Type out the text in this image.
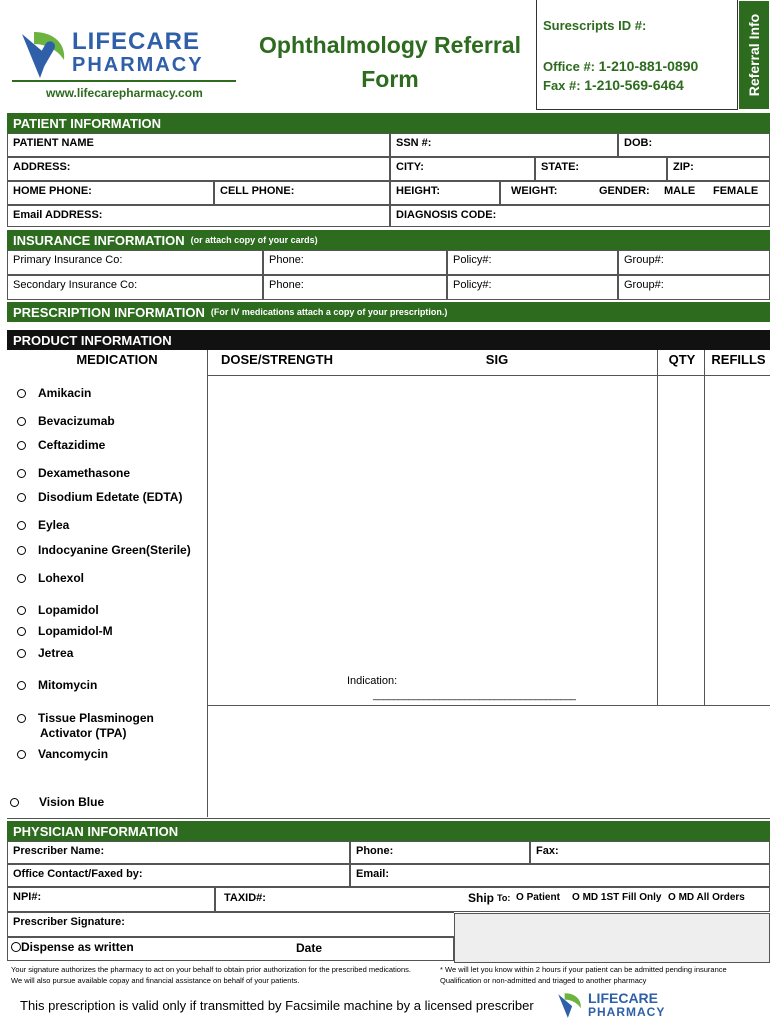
LIFECARE
PHARMACY
www.lifecarepharmacy.com
Ophthalmology Referral
Form
Surescripts ID #:
Office #: 1-210-881-0890
Fax #: 1-210-569-6464	Referral Info
PATIENT INFORMATION
PATIENT NAME	SSN #:	DOB:
ADDRESS:	CITY:	STATE:	ZIP:
HOME PHONE:	CELL PHONE:	HEIGHT:	WEIGHT:	GENDER: MALE FEMALE
Email ADDRESS:	DIAGNOSIS CODE:
INSURANCE INFORMATION (or attach copy of your cards)
Primary Insurance Co:	Phone:	Policy#:	Group#:
Secondary Insurance Co:	Phone:	Policy#:	Group#:
PRESCRIPTION INFORMATION (For IV medications attach a copy of your prescription.)
PRODUCT INFORMATION
MEDICATION	DOSE/STRENGTH	SIG	QTY	REFILLS
Amikacin
Bevacizumab
Ceftazidime
Dexamethasone
Disodium Edetate (EDTA)
Eylea
Indocyanine Green(Sterile)
Lohexol
Lopamidol
Lopamidol-M
Jetrea
Mitomycin
Tissue Plasminogen
Activator (TPA)
Vancomycin
Vision Blue
Indication:
________________________________________
PHYSICIAN INFORMATION
Prescriber Name:	Phone:	Fax:
Office Contact/Faxed by:	Email:
NPI#:	TAXID#:	Ship To: O Patient O MD 1ST Fill Only O MD All Orders
Prescriber Signature:
Dispense as written	Date
Your signature authorizes the pharmacy to act on your behalf to obtain prior authorization for the prescribed medications. We will also pursue available copay and financial assistance on behalf of your patients.
* We will let you know within 2 hours if your patient can be admitted pending insurance Qualification or non-admitted and triaged to another pharmacy
This prescription is valid only if transmitted by Facsimile machine by a licensed prescriber	LIFECARE
PHARMACY
